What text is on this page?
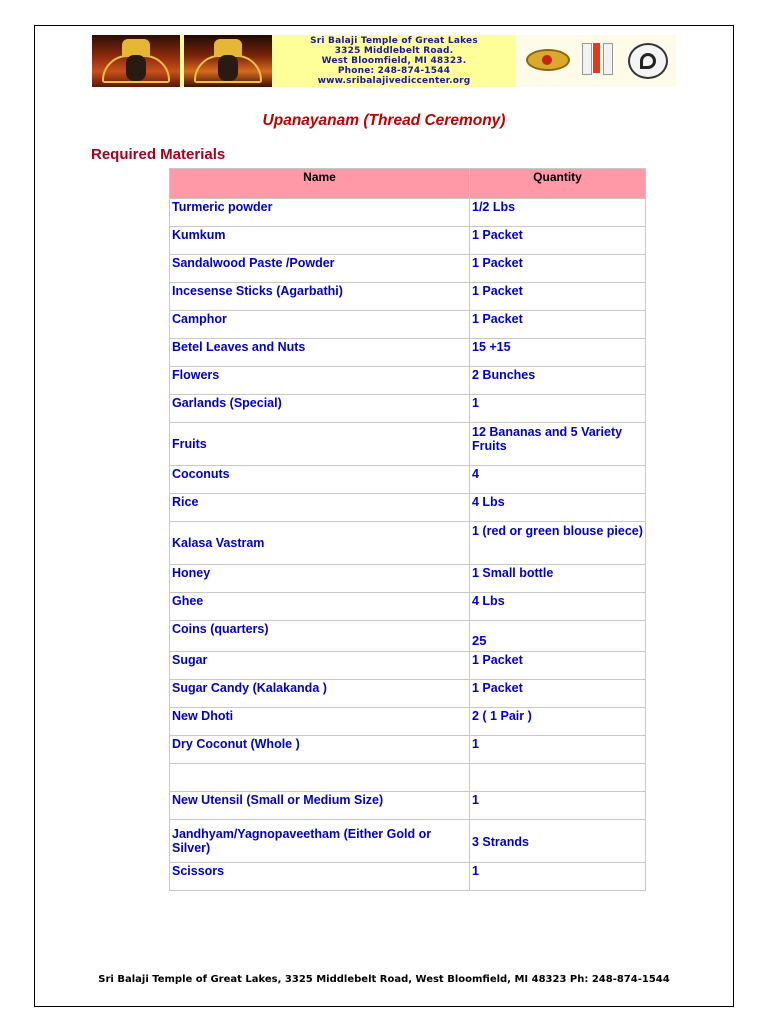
Sri Balaji Temple of Great Lakes
3325 Middlebelt Road.
West Bloomfield, MI 48323.
Phone: 248-874-1544
www.sribalajivediccenter.org
Upanayanam (Thread Ceremony)
Required Materials
Name	Quantity
Turmeric powder	1/2 Lbs
Kumkum	1 Packet
Sandalwood Paste /Powder	1 Packet
Incesense Sticks (Agarbathi)	1 Packet
Camphor	1 Packet
Betel Leaves and Nuts	15 +15
Flowers	2 Bunches
Garlands (Special)	1
Fruits	12 Bananas and 5 Variety Fruits
Coconuts	4
Rice	4 Lbs
Kalasa Vastram	1 (red or green blouse piece)
Honey	1 Small bottle
Ghee	4 Lbs
Coins (quarters)	25
Sugar	1 Packet
Sugar Candy (Kalakanda )	1 Packet
New Dhoti	2 ( 1 Pair )
Dry Coconut (Whole )	1

New Utensil (Small or Medium Size)	1
Jandhyam/Yagnopaveetham (Either Gold or Silver)	3 Strands
Scissors	1
Sri Balaji Temple of Great Lakes, 3325 Middlebelt Road, West Bloomfield, MI 48323 Ph: 248-874-1544
